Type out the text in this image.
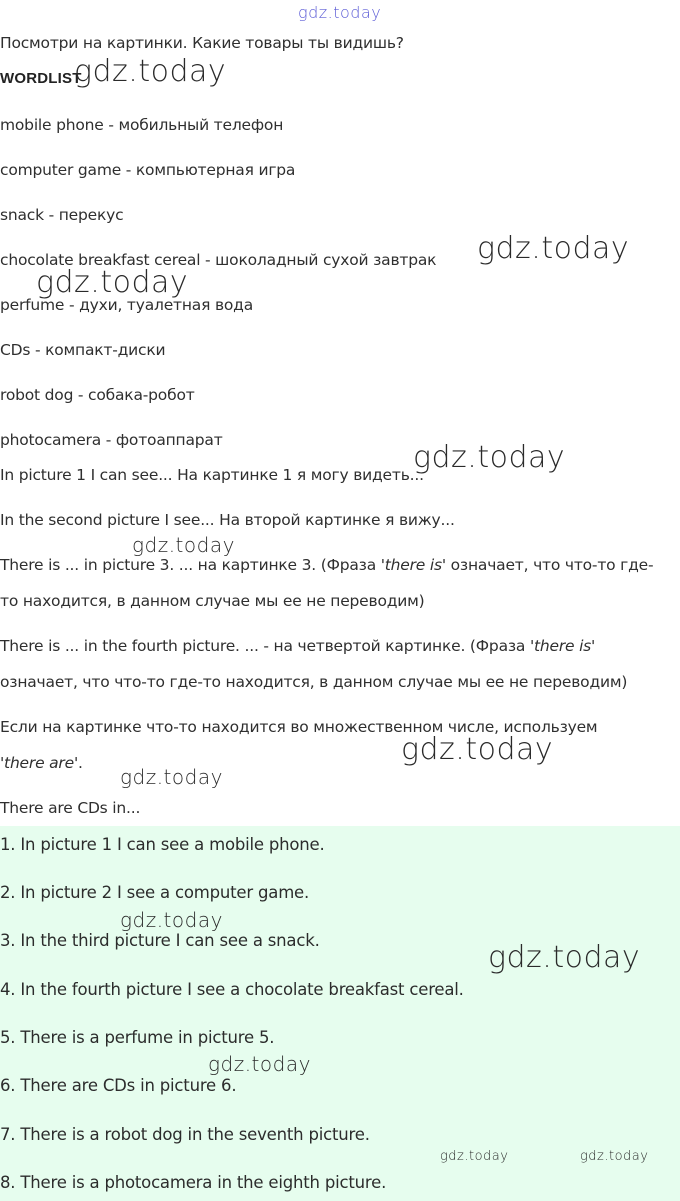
gdz.today

Посмотри на картинки. Какие товары ты видишь?

WORDLIST

mobile phone - мобильный телефон

computer game - компьютерная игра

snack - перекус

chocolate breakfast cereal - шоколадный сухой завтрак

perfume - духи, туалетная вода

CDs - компакт-диски

robot dog - собака-робот

photocamera - фотоаппарат

In picture 1 I can see... На картинке 1 я могу видеть...

In the second picture I see... На второй картинке я вижу...

There is ... in picture 3. ... на картинке 3. (Фраза 'there is' означает, что что-то где-

то находится, в данном случае мы ее не переводим)

There is ... in the fourth picture. ... - на четвертой картинке. (Фраза 'there is'

означает, что что-то где-то находится, в данном случае мы ее не переводим)

Если на картинке что-то находится во множественном числе, используем

'there are'.

There are CDs in...

1. In picture 1 I can see a mobile phone.

2. In picture 2 I see a computer game.

3. In the third picture I can see a snack.

4. In the fourth picture I see a chocolate breakfast cereal.

5. There is a perfume in picture 5.

6. There are CDs in picture 6.

7. There is a robot dog in the seventh picture.

8. There is a photocamera in the eighth picture.

gdz.today
gdz.today
gdz.today
gdz.today
gdz.today
gdz.today
gdz.today
gdz.today
gdz.today
gdz.today
gdz.today	gdz.today
